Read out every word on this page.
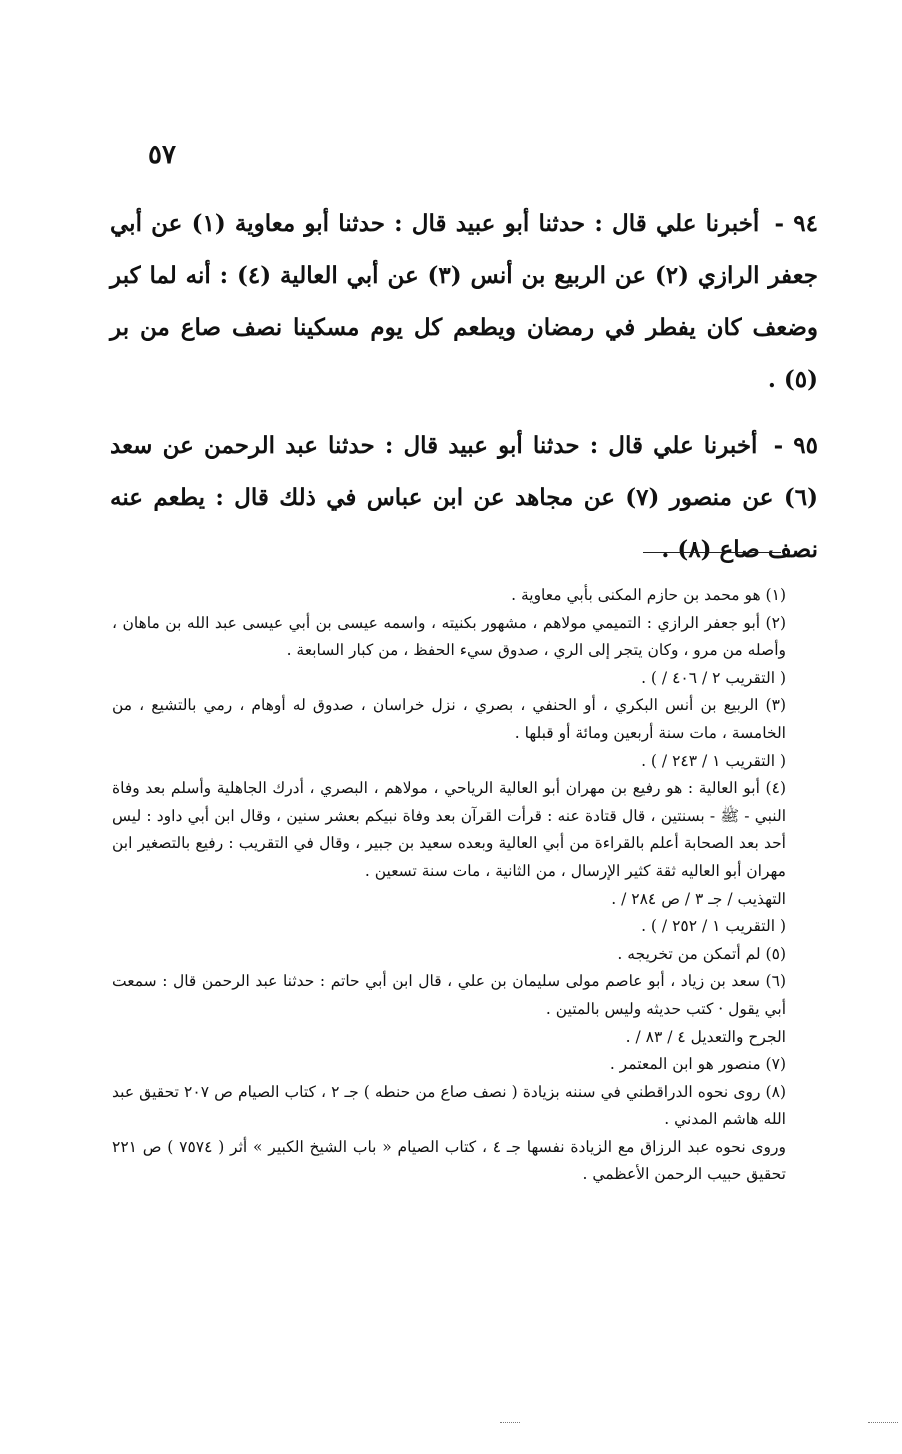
٥٧

٩٤ - أخبرنا علي قال : حدثنا أبو عبيد قال : حدثنا أبو معاوية (١) عن أبي جعفر الرازي (٢) عن الربيع بن أنس (٣) عن أبي العالية (٤) : أنه لما كبر وضعف كان يفطر في رمضان ويطعم كل يوم مسكينا نصف صاع من بر (٥) .

٩٥ - أخبرنا علي قال : حدثنا أبو عبيد قال : حدثنا عبد الرحمن عن سعد (٦) عن منصور (٧) عن مجاهد عن ابن عباس في ذلك قال : يطعم عنه نصف صاع (٨) .

(١) هو محمد بن حازم المكنى بأبي معاوية .

(٢) أبو جعفر الرازي : التميمي مولاهم ، مشهور بكنيته ، واسمه عيسى بن أبي عيسى عبد الله بن ماهان ، وأصله من مرو ، وكان يتجر إلى الري ، صدوق سيء الحفظ ، من كبار السابعة .

( التقريب ٢ / ٤٠٦ / ) .

(٣) الربيع بن أنس البكري ، أو الحنفي ، بصري ، نزل خراسان ، صدوق له أوهام ، رمي بالتشيع ، من الخامسة ، مات سنة أربعين ومائة أو قبلها .

( التقريب ١ / ٢٤٣ / ) .

(٤) أبو العالية : هو رفيع بن مهران أبو العالية الرياحي ، مولاهم ، البصري ، أدرك الجاهلية وأسلم بعد وفاة النبي - ﷺ - بسنتين ، قال قتادة عنه : قرأت القرآن بعد وفاة نبيكم بعشر سنين ، وقال ابن أبي داود : ليس أحد بعد الصحابة أعلم بالقراءة من أبي العالية وبعده سعيد بن جبير ، وقال في التقريب : رفيع بالتصغير ابن مهران أبو العاليه ثقة كثير الإرسال ، من الثانية ، مات سنة تسعين .

التهذيب / جـ ٣ / ص ٢٨٤ / .

( التقريب ١ / ٢٥٢ / ) .

(٥) لم أتمكن من تخريجه .

(٦) سعد بن زياد ، أبو عاصم مولى سليمان بن علي ، قال ابن أبي حاتم : حدثنا عبد الرحمن قال : سمعت أبي يقول · كتب حديثه وليس بالمتين .

الجرح والتعديل ٤ / ٨٣ / .

(٧) منصور هو ابن المعتمر .

(٨) روى نحوه الدراقطني في سننه بزيادة ( نصف صاع من حنطه ) جـ ٢ ، كتاب الصيام ص ٢٠٧ تحقيق عبد الله هاشم المدني .

وروى نحوه عبد الرزاق مع الزيادة نفسها جـ ٤ ، كتاب الصيام « باب الشيخ الكبير » أثر ( ٧٥٧٤ ) ص ٢٢١ تحقيق حبيب الرحمن الأعظمي .
